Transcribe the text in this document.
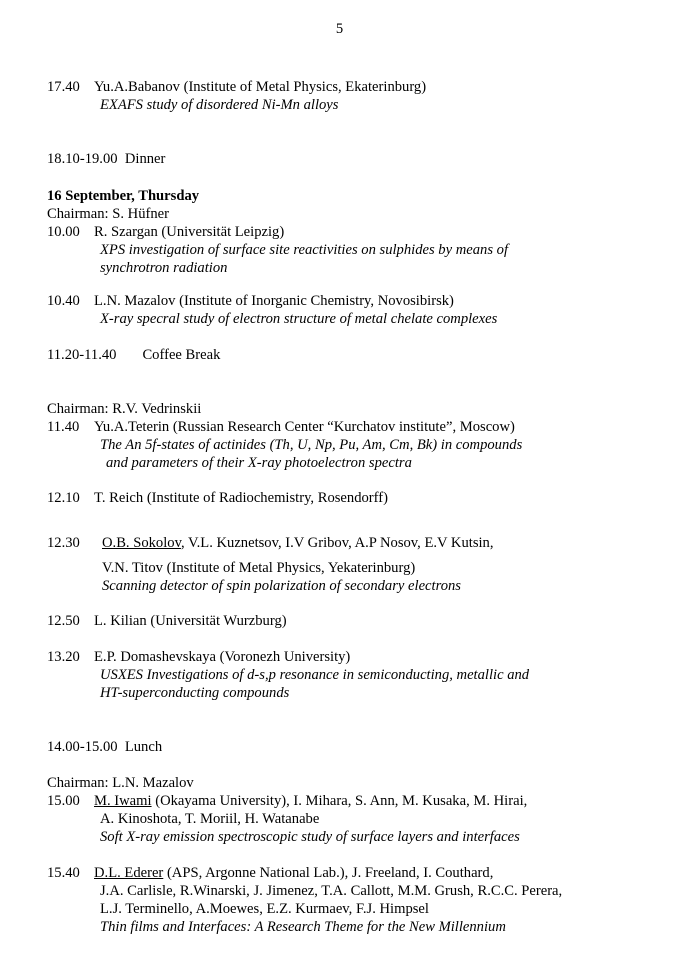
5
17.40 Yu.A.Babanov (Institute of Metal Physics, Ekaterinburg)
EXAFS study of disordered Ni-Mn alloys
18.10-19.00 Dinner
16 September, Thursday
Chairman: S. Hüfner
10.00 R. Szargan (Universität Leipzig)
XPS investigation of surface site reactivities on sulphides by means of
synchrotron radiation
10.40 L.N. Mazalov (Institute of Inorganic Chemistry, Novosibirsk)
X-ray specral study of electron structure of metal chelate complexes
11.20-11.40 Coffee Break
Chairman: R.V. Vedrinskii
11.40 Yu.A.Teterin (Russian Research Center “Kurchatov institute”, Moscow)
The An 5f-states of actinides (Th, U, Np, Pu, Am, Cm, Bk) in compounds
and parameters of their X-ray photoelectron spectra
12.10 T. Reich (Institute of Radiochemistry, Rosendorff)
12.30 O.B. Sokolov, V.L. Kuznetsov, I.V Gribov, A.P Nosov, E.V Kutsin,
V.N. Titov (Institute of Metal Physics, Yekaterinburg)
Scanning detector of spin polarization of secondary electrons
12.50 L. Kilian (Universität Wurzburg)
13.20 E.P. Domashevskaya (Voronezh University)
USXES Investigations of d-s,p resonance in semiconducting, metallic and
HT-superconducting compounds
14.00-15.00 Lunch
Chairman: L.N. Mazalov
15.00 M. Iwami (Okayama University), I. Mihara, S. Ann, M. Kusaka, M. Hirai,
A. Kinoshota, T. Moriil, H. Watanabe
Soft X-ray emission spectroscopic study of surface layers and interfaces
15.40 D.L. Ederer (APS, Argonne National Lab.), J. Freeland, I. Couthard,
J.A. Carlisle, R.Winarski, J. Jimenez, T.A. Callott, M.M. Grush, R.C.C. Perera,
L.J. Terminello, A.Moewes, E.Z. Kurmaev, F.J. Himpsel
Thin films and Interfaces: A Research Theme for the New Millennium
